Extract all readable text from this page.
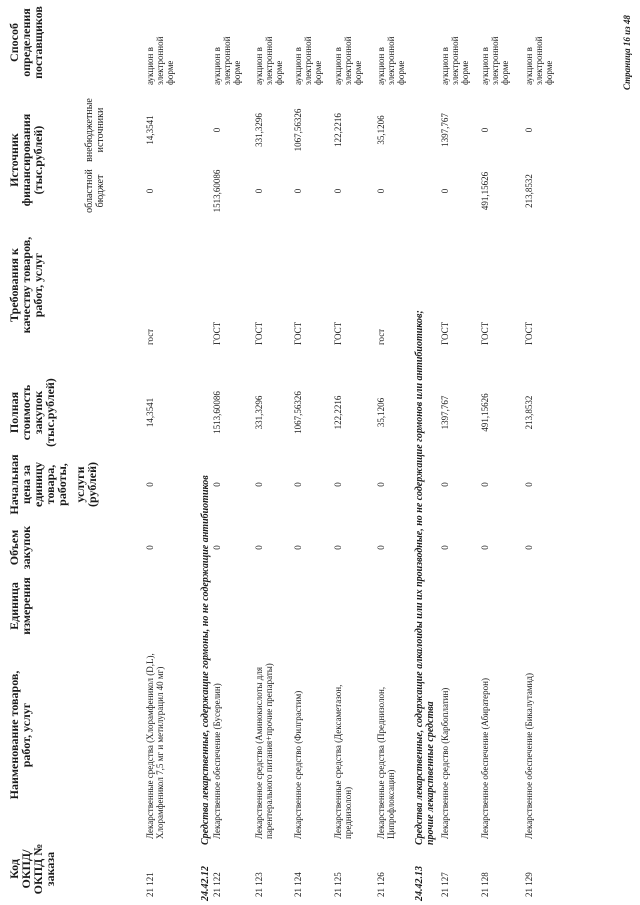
Код ОКПД/ ОКПД № заказа
Наименование товаров, работ, услуг
Единица измерения
Объем закупок
Начальная цена за единицу товара, работы, услуги (рублей)
Полная стоимость закупок (тыс.рублей)
Требования к качеству товаров, работ, услуг
Источник финансирования (тыс.рублей)	областной бюджет
внебюджетные источники
Способ определения поставщиков
21 121
Лекарственные средства (Хлорамфеникол (D,L), Хлорамфеникол 7,5 мг и метилурацил 40 мг)
0
0
14,3541
гост
0
14,3541
аукцион в электронной форме
24.42.12
Средства лекарственные, содержащие гормоны, но не содержащие антибиотиков
21 122
Лекарственное обеспечение (Бусерелин)
0
0
1513,60086
ГОСТ
1513,60086
0
аукцион в электронной форме
21 123
Лекарственное средство (Аминокислоты для парентерального питания+прочие препараты)
0
0
331,3296
ГОСТ
0
331,3296
аукцион в электронной форме
21 124
Лекарственное средство (Филграстим)
0
0
1067,56326
ГОСТ
0
1067,56326
аукцион в электронной форме
21 125
Лекарственные средства (Дексаметазон, преднизолон)
0
0
122,2216
ГОСТ
0
122,2216
аукцион в электронной форме
21 126
Лекарственные средства (Преднизолон, Ципрофлоксацин)
0
0
35,1206
гост
0
35,1206
аукцион в электронной форме
24.42.13
Средства лекарственные, содержащие алкалоиды или их производные, но не содержащие гормонов или антибиотиков; прочие лекарственные средства
21 127
Лекарственное средство (Карбоплатин)
0
0
1397,767
ГОСТ
0
1397,767
аукцион в электронной форме
21 128
Лекарственное обеспечение (Абиратерон)
0
0
491,15626
ГОСТ
491,15626
0
аукцион в электронной форме
21 129
Лекарственное обеспечение (Бикалутамид)
0
0
213,8532
ГОСТ
213,8532
0
аукцион в электронной форме	Страница 16 из 48
